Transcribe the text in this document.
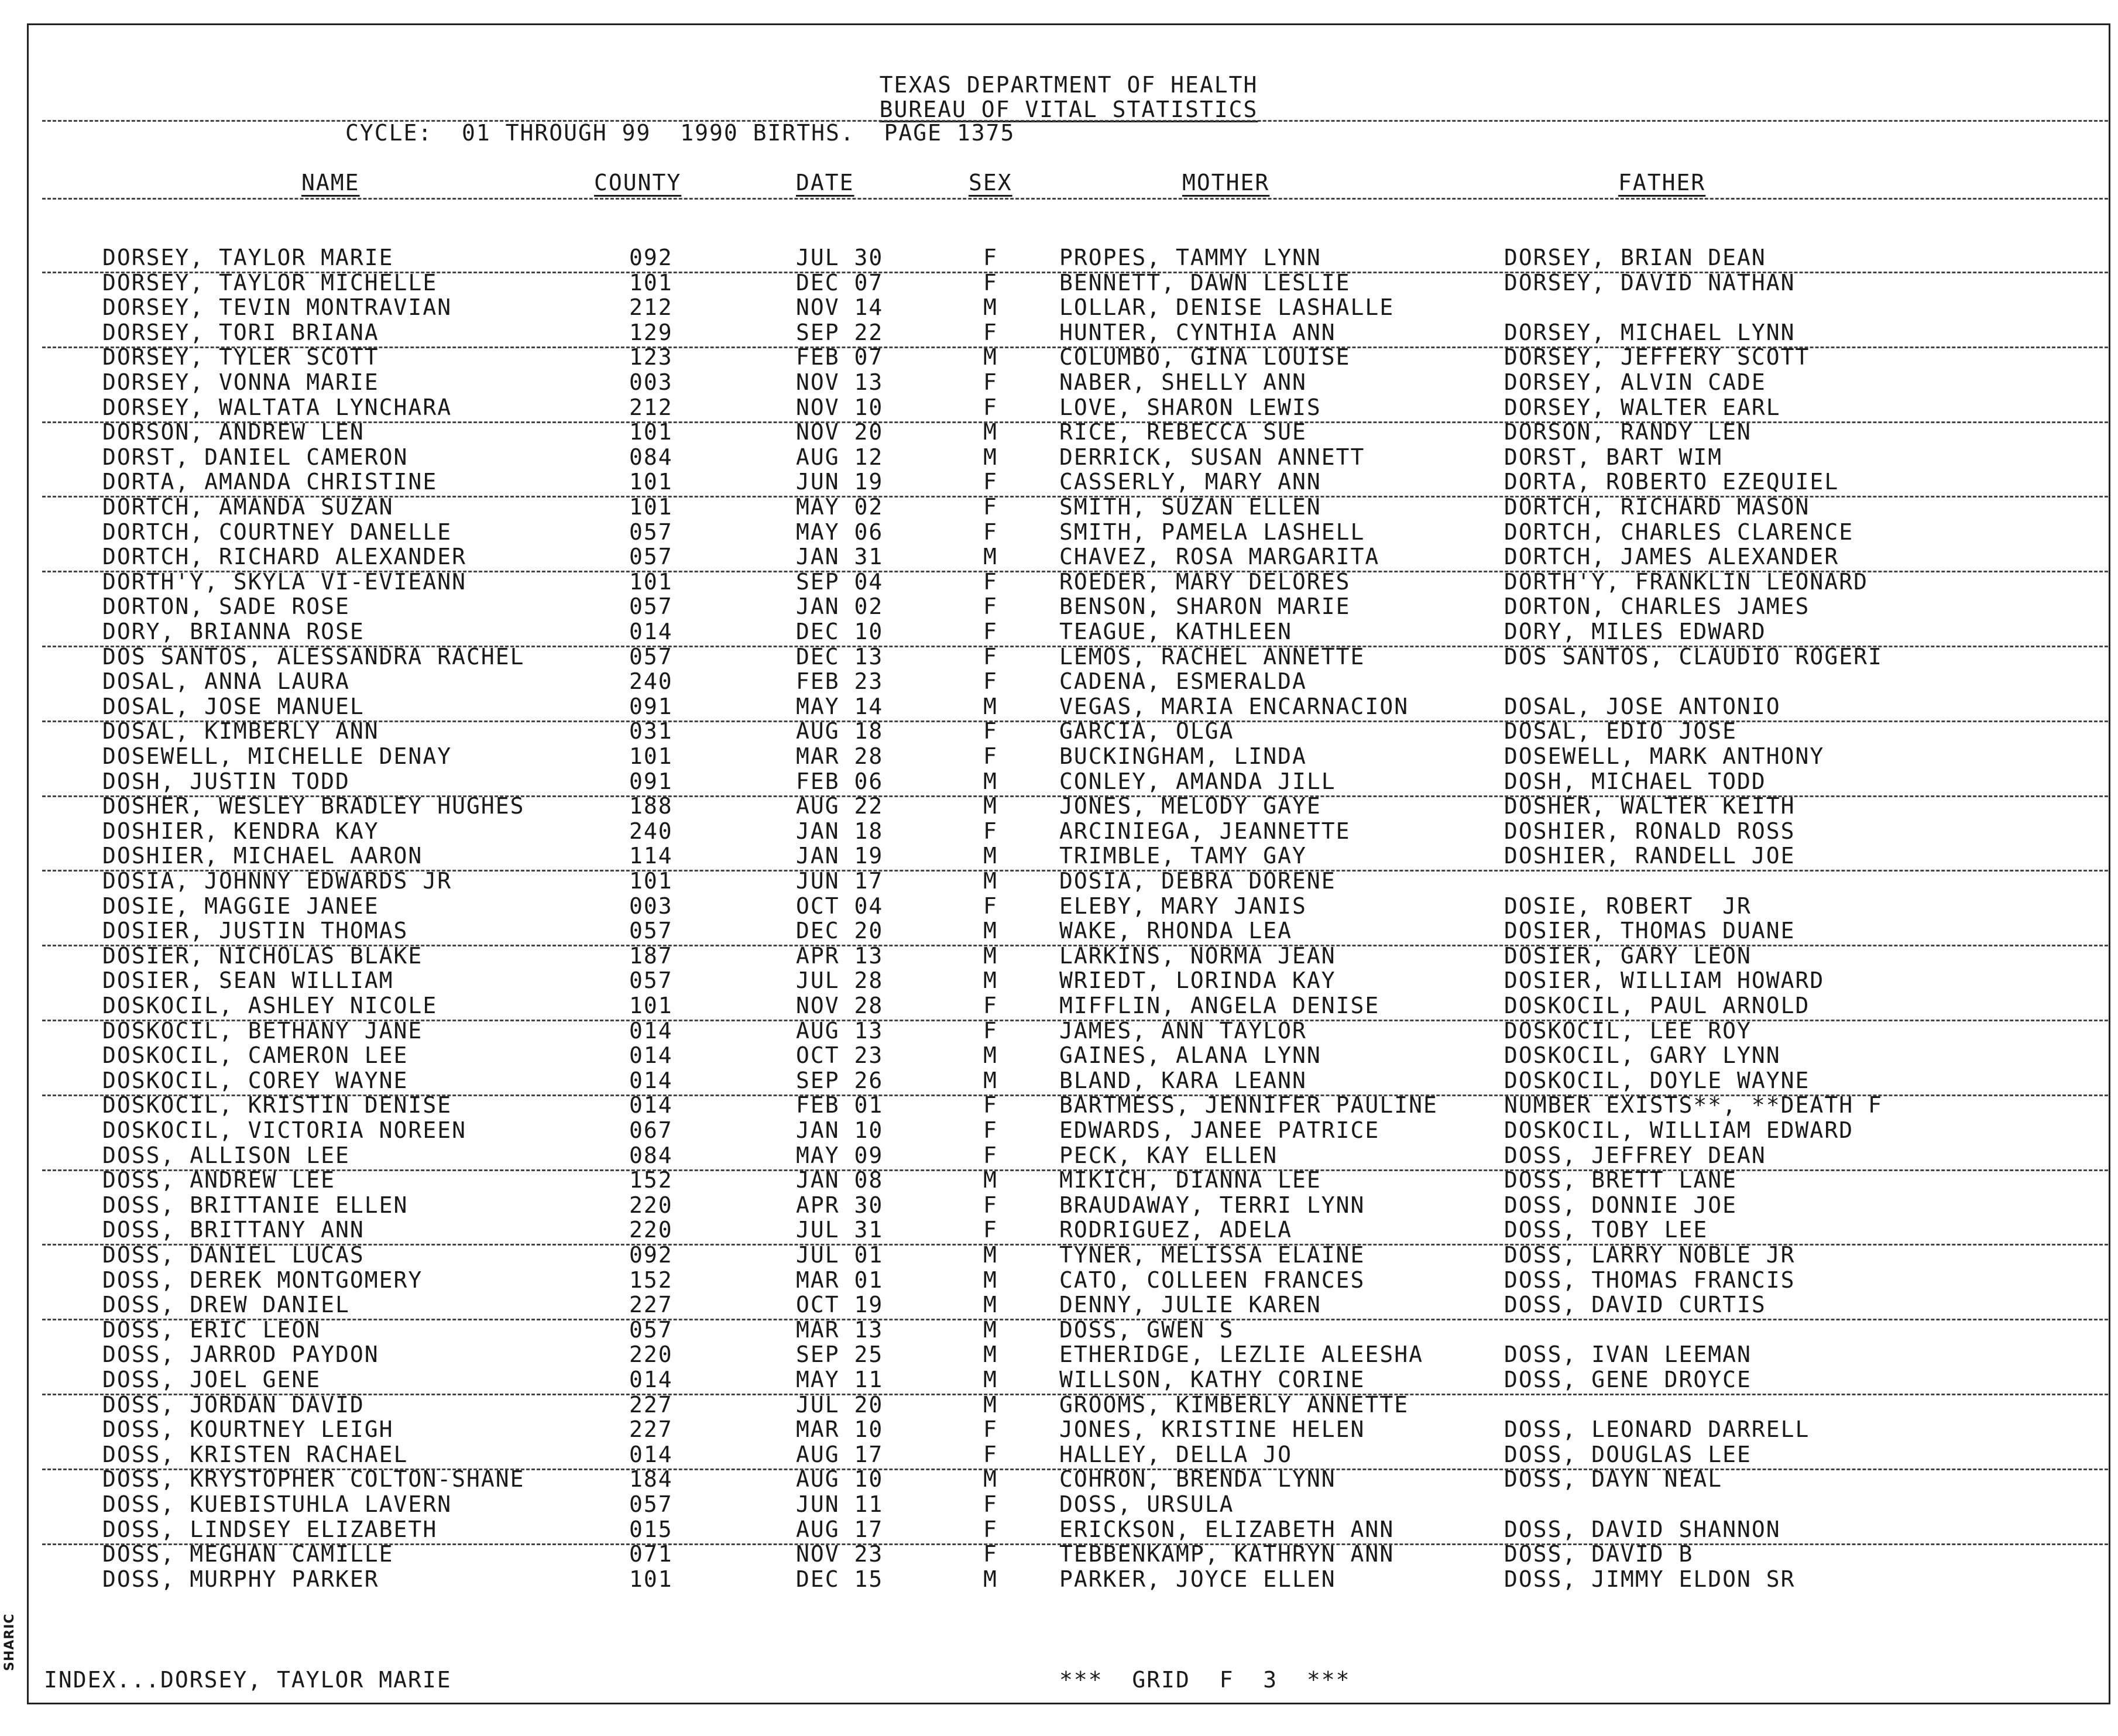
TEXAS DEPARTMENT OF HEALTH
BUREAU OF VITAL STATISTICS
CYCLE:  01 THROUGH 99  1990 BIRTHS.  PAGE 1375
NAME	COUNTY	DATE	SEX	MOTHER	FATHER
DORSEY, TAYLOR MARIE	092	JUL 30	F	PROPES, TAMMY LYNN	DORSEY, BRIAN DEAN
DORSEY, TAYLOR MICHELLE	101	DEC 07	F	BENNETT, DAWN LESLIE	DORSEY, DAVID NATHAN
DORSEY, TEVIN MONTRAVIAN	212	NOV 14	M	LOLLAR, DENISE LASHALLE
DORSEY, TORI BRIANA	129	SEP 22	F	HUNTER, CYNTHIA ANN	DORSEY, MICHAEL LYNN
DORSEY, TYLER SCOTT	123	FEB 07	M	COLUMBO, GINA LOUISE	DORSEY, JEFFERY SCOTT
DORSEY, VONNA MARIE	003	NOV 13	F	NABER, SHELLY ANN	DORSEY, ALVIN CADE
DORSEY, WALTATA LYNCHARA	212	NOV 10	F	LOVE, SHARON LEWIS	DORSEY, WALTER EARL
DORSON, ANDREW LEN	101	NOV 20	M	RICE, REBECCA SUE	DORSON, RANDY LEN
DORST, DANIEL CAMERON	084	AUG 12	M	DERRICK, SUSAN ANNETT	DORST, BART WIM
DORTA, AMANDA CHRISTINE	101	JUN 19	F	CASSERLY, MARY ANN	DORTA, ROBERTO EZEQUIEL
DORTCH, AMANDA SUZAN	101	MAY 02	F	SMITH, SUZAN ELLEN	DORTCH, RICHARD MASON
DORTCH, COURTNEY DANELLE	057	MAY 06	F	SMITH, PAMELA LASHELL	DORTCH, CHARLES CLARENCE
DORTCH, RICHARD ALEXANDER	057	JAN 31	M	CHAVEZ, ROSA MARGARITA	DORTCH, JAMES ALEXANDER
DORTH'Y, SKYLA VI-EVIEANN	101	SEP 04	F	ROEDER, MARY DELORES	DORTH'Y, FRANKLIN LEONARD
DORTON, SADE ROSE	057	JAN 02	F	BENSON, SHARON MARIE	DORTON, CHARLES JAMES
DORY, BRIANNA ROSE	014	DEC 10	F	TEAGUE, KATHLEEN	DORY, MILES EDWARD
DOS SANTOS, ALESSANDRA RACHEL	057	DEC 13	F	LEMOS, RACHEL ANNETTE	DOS SANTOS, CLAUDIO ROGERI
DOSAL, ANNA LAURA	240	FEB 23	F	CADENA, ESMERALDA
DOSAL, JOSE MANUEL	091	MAY 14	M	VEGAS, MARIA ENCARNACION	DOSAL, JOSE ANTONIO
DOSAL, KIMBERLY ANN	031	AUG 18	F	GARCIA, OLGA	DOSAL, EDIO JOSE
DOSEWELL, MICHELLE DENAY	101	MAR 28	F	BUCKINGHAM, LINDA	DOSEWELL, MARK ANTHONY
DOSH, JUSTIN TODD	091	FEB 06	M	CONLEY, AMANDA JILL	DOSH, MICHAEL TODD
DOSHER, WESLEY BRADLEY HUGHES	188	AUG 22	M	JONES, MELODY GAYE	DOSHER, WALTER KEITH
DOSHIER, KENDRA KAY	240	JAN 18	F	ARCINIEGA, JEANNETTE	DOSHIER, RONALD ROSS
DOSHIER, MICHAEL AARON	114	JAN 19	M	TRIMBLE, TAMY GAY	DOSHIER, RANDELL JOE
DOSIA, JOHNNY EDWARDS JR	101	JUN 17	M	DOSIA, DEBRA DORENE
DOSIE, MAGGIE JANEE	003	OCT 04	F	ELEBY, MARY JANIS	DOSIE, ROBERT  JR
DOSIER, JUSTIN THOMAS	057	DEC 20	M	WAKE, RHONDA LEA	DOSIER, THOMAS DUANE
DOSIER, NICHOLAS BLAKE	187	APR 13	M	LARKINS, NORMA JEAN	DOSIER, GARY LEON
DOSIER, SEAN WILLIAM	057	JUL 28	M	WRIEDT, LORINDA KAY	DOSIER, WILLIAM HOWARD
DOSKOCIL, ASHLEY NICOLE	101	NOV 28	F	MIFFLIN, ANGELA DENISE	DOSKOCIL, PAUL ARNOLD
DOSKOCIL, BETHANY JANE	014	AUG 13	F	JAMES, ANN TAYLOR	DOSKOCIL, LEE ROY
DOSKOCIL, CAMERON LEE	014	OCT 23	M	GAINES, ALANA LYNN	DOSKOCIL, GARY LYNN
DOSKOCIL, COREY WAYNE	014	SEP 26	M	BLAND, KARA LEANN	DOSKOCIL, DOYLE WAYNE
DOSKOCIL, KRISTIN DENISE	014	FEB 01	F	BARTMESS, JENNIFER PAULINE	NUMBER EXISTS**, **DEATH F
DOSKOCIL, VICTORIA NOREEN	067	JAN 10	F	EDWARDS, JANEE PATRICE	DOSKOCIL, WILLIAM EDWARD
DOSS, ALLISON LEE	084	MAY 09	F	PECK, KAY ELLEN	DOSS, JEFFREY DEAN
DOSS, ANDREW LEE	152	JAN 08	M	MIKICH, DIANNA LEE	DOSS, BRETT LANE
DOSS, BRITTANIE ELLEN	220	APR 30	F	BRAUDAWAY, TERRI LYNN	DOSS, DONNIE JOE
DOSS, BRITTANY ANN	220	JUL 31	F	RODRIGUEZ, ADELA	DOSS, TOBY LEE
DOSS, DANIEL LUCAS	092	JUL 01	M	TYNER, MELISSA ELAINE	DOSS, LARRY NOBLE JR
DOSS, DEREK MONTGOMERY	152	MAR 01	M	CATO, COLLEEN FRANCES	DOSS, THOMAS FRANCIS
DOSS, DREW DANIEL	227	OCT 19	M	DENNY, JULIE KAREN	DOSS, DAVID CURTIS
DOSS, ERIC LEON	057	MAR 13	M	DOSS, GWEN S
DOSS, JARROD PAYDON	220	SEP 25	M	ETHERIDGE, LEZLIE ALEESHA	DOSS, IVAN LEEMAN
DOSS, JOEL GENE	014	MAY 11	M	WILLSON, KATHY CORINE	DOSS, GENE DROYCE
DOSS, JORDAN DAVID	227	JUL 20	M	GROOMS, KIMBERLY ANNETTE
DOSS, KOURTNEY LEIGH	227	MAR 10	F	JONES, KRISTINE HELEN	DOSS, LEONARD DARRELL
DOSS, KRISTEN RACHAEL	014	AUG 17	F	HALLEY, DELLA JO	DOSS, DOUGLAS LEE
DOSS, KRYSTOPHER COLTON-SHANE	184	AUG 10	M	COHRON, BRENDA LYNN	DOSS, DAYN NEAL
DOSS, KUEBISTUHLA LAVERN	057	JUN 11	F	DOSS, URSULA
DOSS, LINDSEY ELIZABETH	015	AUG 17	F	ERICKSON, ELIZABETH ANN	DOSS, DAVID SHANNON
DOSS, MEGHAN CAMILLE	071	NOV 23	F	TEBBENKAMP, KATHRYN ANN	DOSS, DAVID B
DOSS, MURPHY PARKER	101	DEC 15	M	PARKER, JOYCE ELLEN	DOSS, JIMMY ELDON SR
INDEX...DORSEY, TAYLOR MARIE	***  GRID  F  3  ***
SHARIC
